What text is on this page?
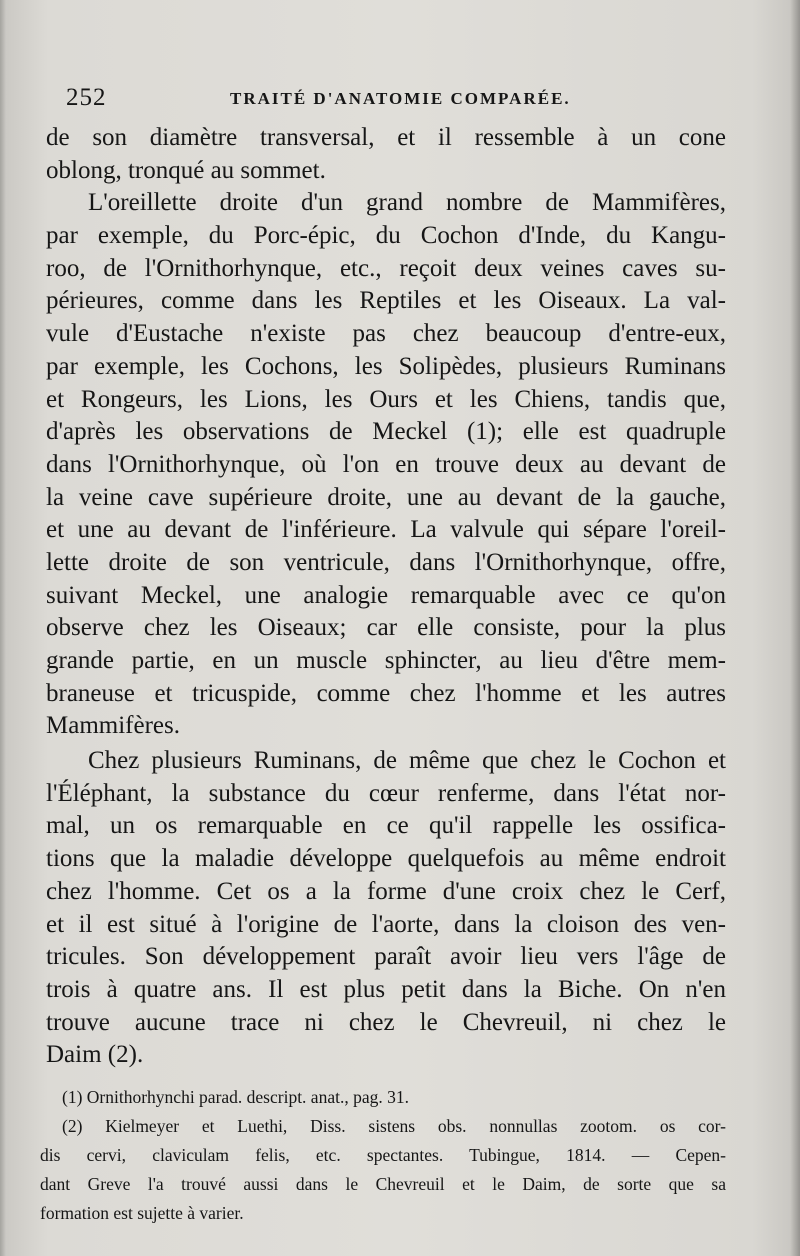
252	TRAITÉ D'ANATOMIE COMPARÉE.
de son diamètre transversal, et il ressemble à un cone
oblong, tronqué au sommet.
L'oreillette droite d'un grand nombre de Mammifères,
par exemple, du Porc-épic, du Cochon d'Inde, du Kangu-
roo, de l'Ornithorhynque, etc., reçoit deux veines caves su-
périeures, comme dans les Reptiles et les Oiseaux. La val-
vule d'Eustache n'existe pas chez beaucoup d'entre-eux,
par exemple, les Cochons, les Solipèdes, plusieurs Ruminans
et Rongeurs, les Lions, les Ours et les Chiens, tandis que,
d'après les observations de Meckel (1); elle est quadruple
dans l'Ornithorhynque, où l'on en trouve deux au devant de
la veine cave supérieure droite, une au devant de la gauche,
et une au devant de l'inférieure. La valvule qui sépare l'oreil-
lette droite de son ventricule, dans l'Ornithorhynque, offre,
suivant Meckel, une analogie remarquable avec ce qu'on
observe chez les Oiseaux; car elle consiste, pour la plus
grande partie, en un muscle sphincter, au lieu d'être mem-
braneuse et tricuspide, comme chez l'homme et les autres
Mammifères.
Chez plusieurs Ruminans, de même que chez le Cochon et
l'Éléphant, la substance du cœur renferme, dans l'état nor-
mal, un os remarquable en ce qu'il rappelle les ossifica-
tions que la maladie développe quelquefois au même endroit
chez l'homme. Cet os a la forme d'une croix chez le Cerf,
et il est situé à l'origine de l'aorte, dans la cloison des ven-
tricules. Son développement paraît avoir lieu vers l'âge de
trois à quatre ans. Il est plus petit dans la Biche. On n'en
trouve aucune trace ni chez le Chevreuil, ni chez le
Daim (2).
(1) Ornithorhynchi parad. descript. anat., pag. 31.
(2) Kielmeyer et Luethi, Diss. sistens obs. nonnullas zootom. os cor-
dis cervi, claviculam felis, etc. spectantes. Tubingue, 1814. — Cepen-
dant Greve l'a trouvé aussi dans le Chevreuil et le Daim, de sorte que sa
formation est sujette à varier.
